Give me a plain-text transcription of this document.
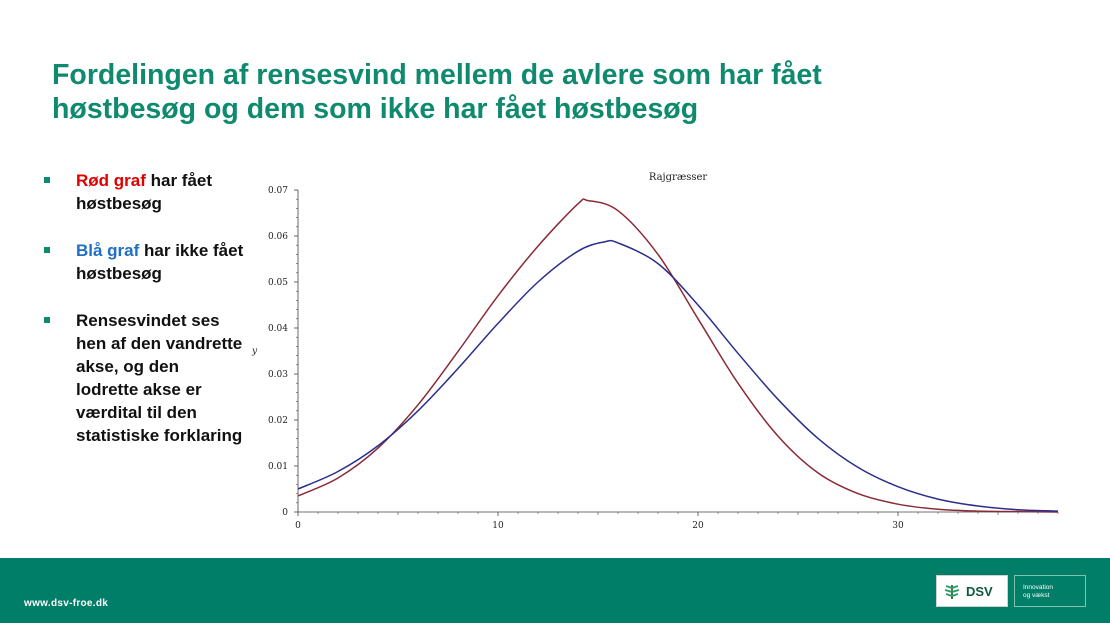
Fordelingen af rensesvind mellem de avlere som har fået
høstbesøg og dem som ikke har fået høstbesøg
Rød graf har fået høstbesøg
Blå graf har ikke fået høstbesøg
Rensesvindet ses hen af den vandrette akse, og den lodrette akse er værdital til den statistiske forklaring
Rajgræsser
y
0
0.01
0.02
0.03
0.04
0.05
0.06
0.07
0	10	20	30
www.dsv-froe.dk
DSV	Innovation
og vækst
